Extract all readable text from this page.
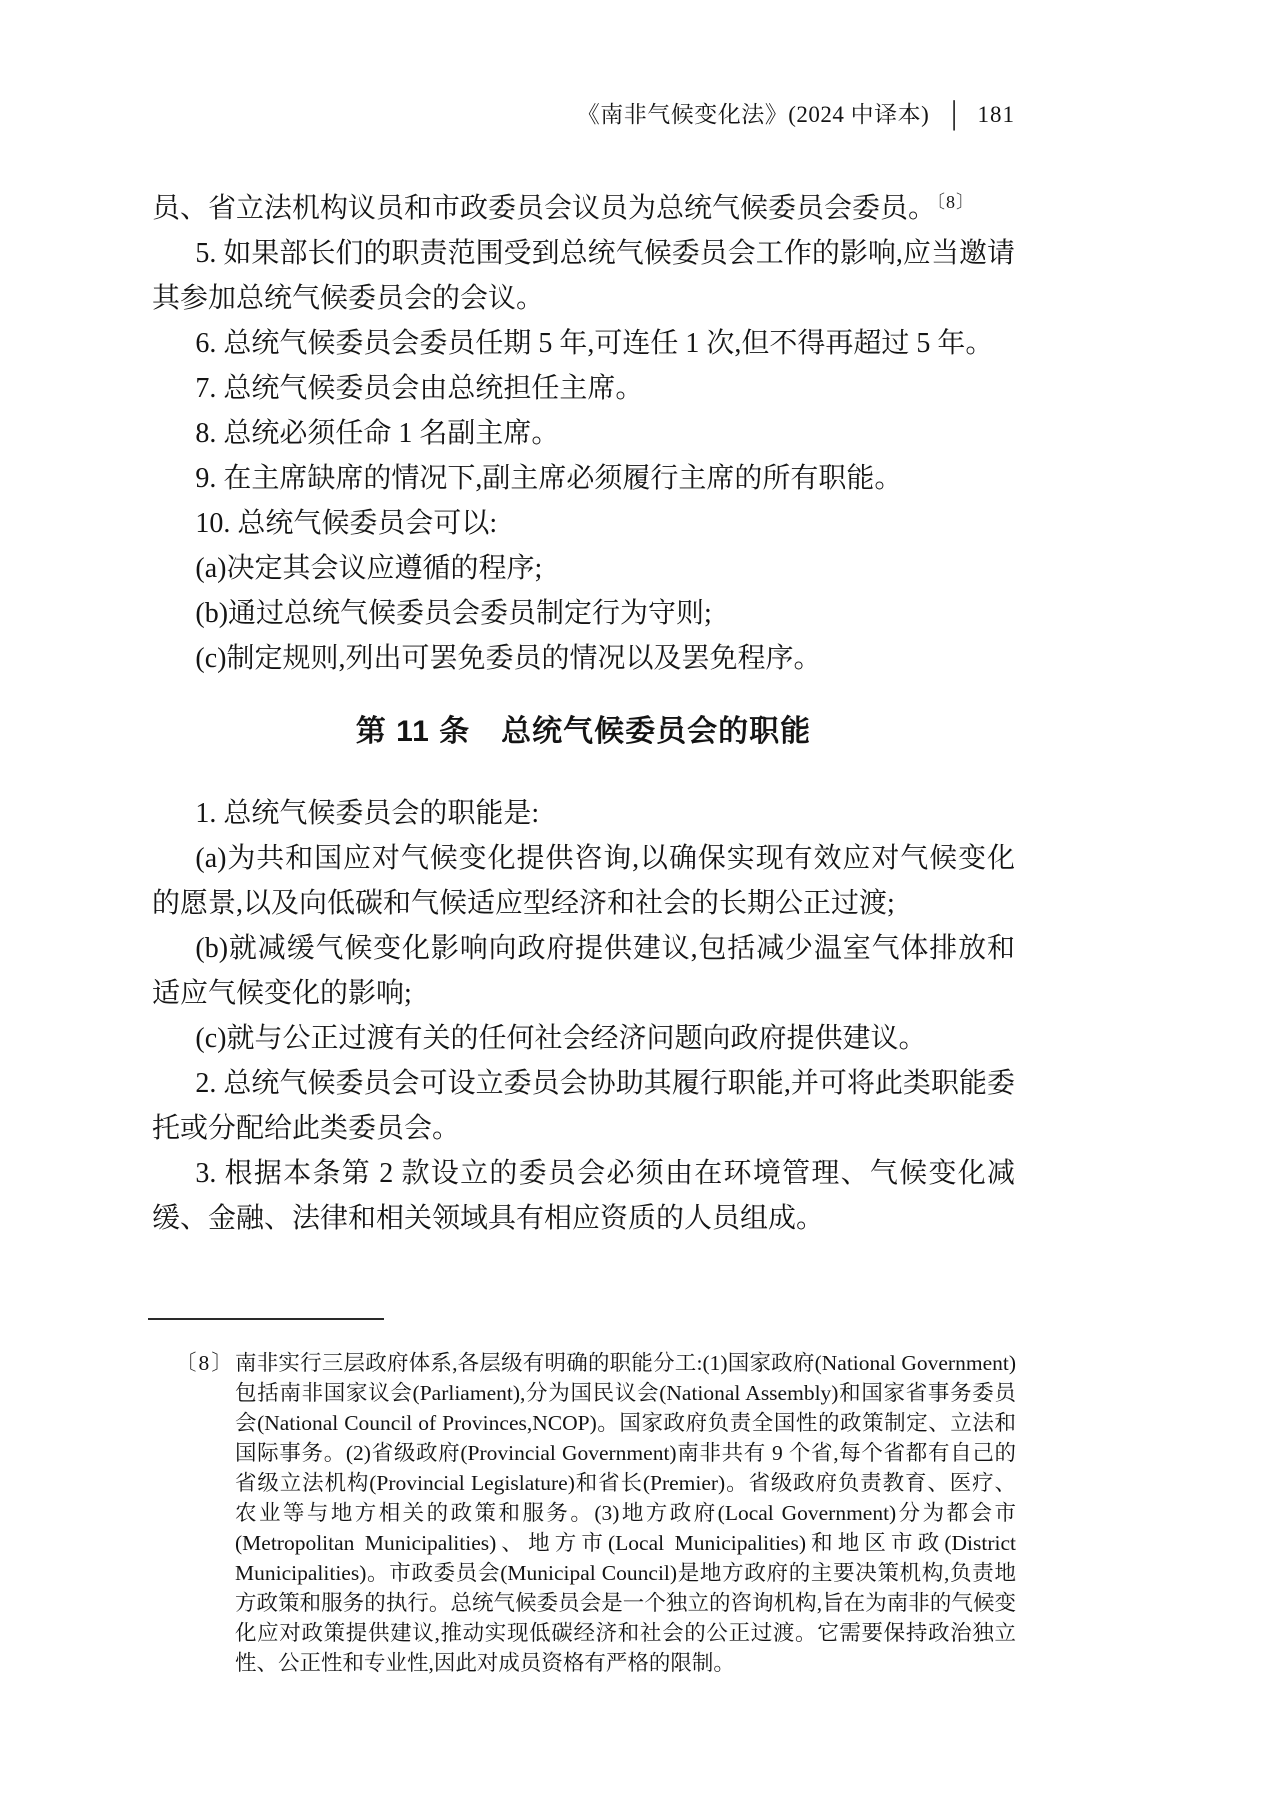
《南非气候变化法》(2024 中译本) │ 181

员、省立法机构议员和市政委员会议员为总统气候委员会委员。$^{〔8〕}$

5. 如果部长们的职责范围受到总统气候委员会工作的影响,应当邀请其参加总统气候委员会的会议。

6. 总统气候委员会委员任期 5 年,可连任 1 次,但不得再超过 5 年。

7. 总统气候委员会由总统担任主席。

8. 总统必须任命 1 名副主席。

9. 在主席缺席的情况下,副主席必须履行主席的所有职能。

10. 总统气候委员会可以:

(a)决定其会议应遵循的程序;

(b)通过总统气候委员会委员制定行为守则;

(c)制定规则,列出可罢免委员的情况以及罢免程序。

第 11 条　总统气候委员会的职能

1. 总统气候委员会的职能是:

(a)为共和国应对气候变化提供咨询,以确保实现有效应对气候变化的愿景,以及向低碳和气候适应型经济和社会的长期公正过渡;

(b)就减缓气候变化影响向政府提供建议,包括减少温室气体排放和适应气候变化的影响;

(c)就与公正过渡有关的任何社会经济问题向政府提供建议。

2. 总统气候委员会可设立委员会协助其履行职能,并可将此类职能委托或分配给此类委员会。

3. 根据本条第 2 款设立的委员会必须由在环境管理、气候变化减缓、金融、法律和相关领域具有相应资质的人员组成。

〔8〕 南非实行三层政府体系,各层级有明确的职能分工:(1)国家政府(National Government)包括南非国家议会(Parliament),分为国民议会(National Assembly)和国家省事务委员会(National Council of Provinces,NCOP)。国家政府负责全国性的政策制定、立法和国际事务。(2)省级政府(Provincial Government)南非共有 9 个省,每个省都有自己的省级立法机构(Provincial Legislature)和省长(Premier)。省级政府负责教育、医疗、农业等与地方相关的政策和服务。(3)地方政府(Local Government)分为都会市(Metropolitan Municipalities)、地方市(Local Municipalities)和地区市政(District Municipalities)。市政委员会(Municipal Council)是地方政府的主要决策机构,负责地方政策和服务的执行。总统气候委员会是一个独立的咨询机构,旨在为南非的气候变化应对政策提供建议,推动实现低碳经济和社会的公正过渡。它需要保持政治独立性、公正性和专业性,因此对成员资格有严格的限制。
